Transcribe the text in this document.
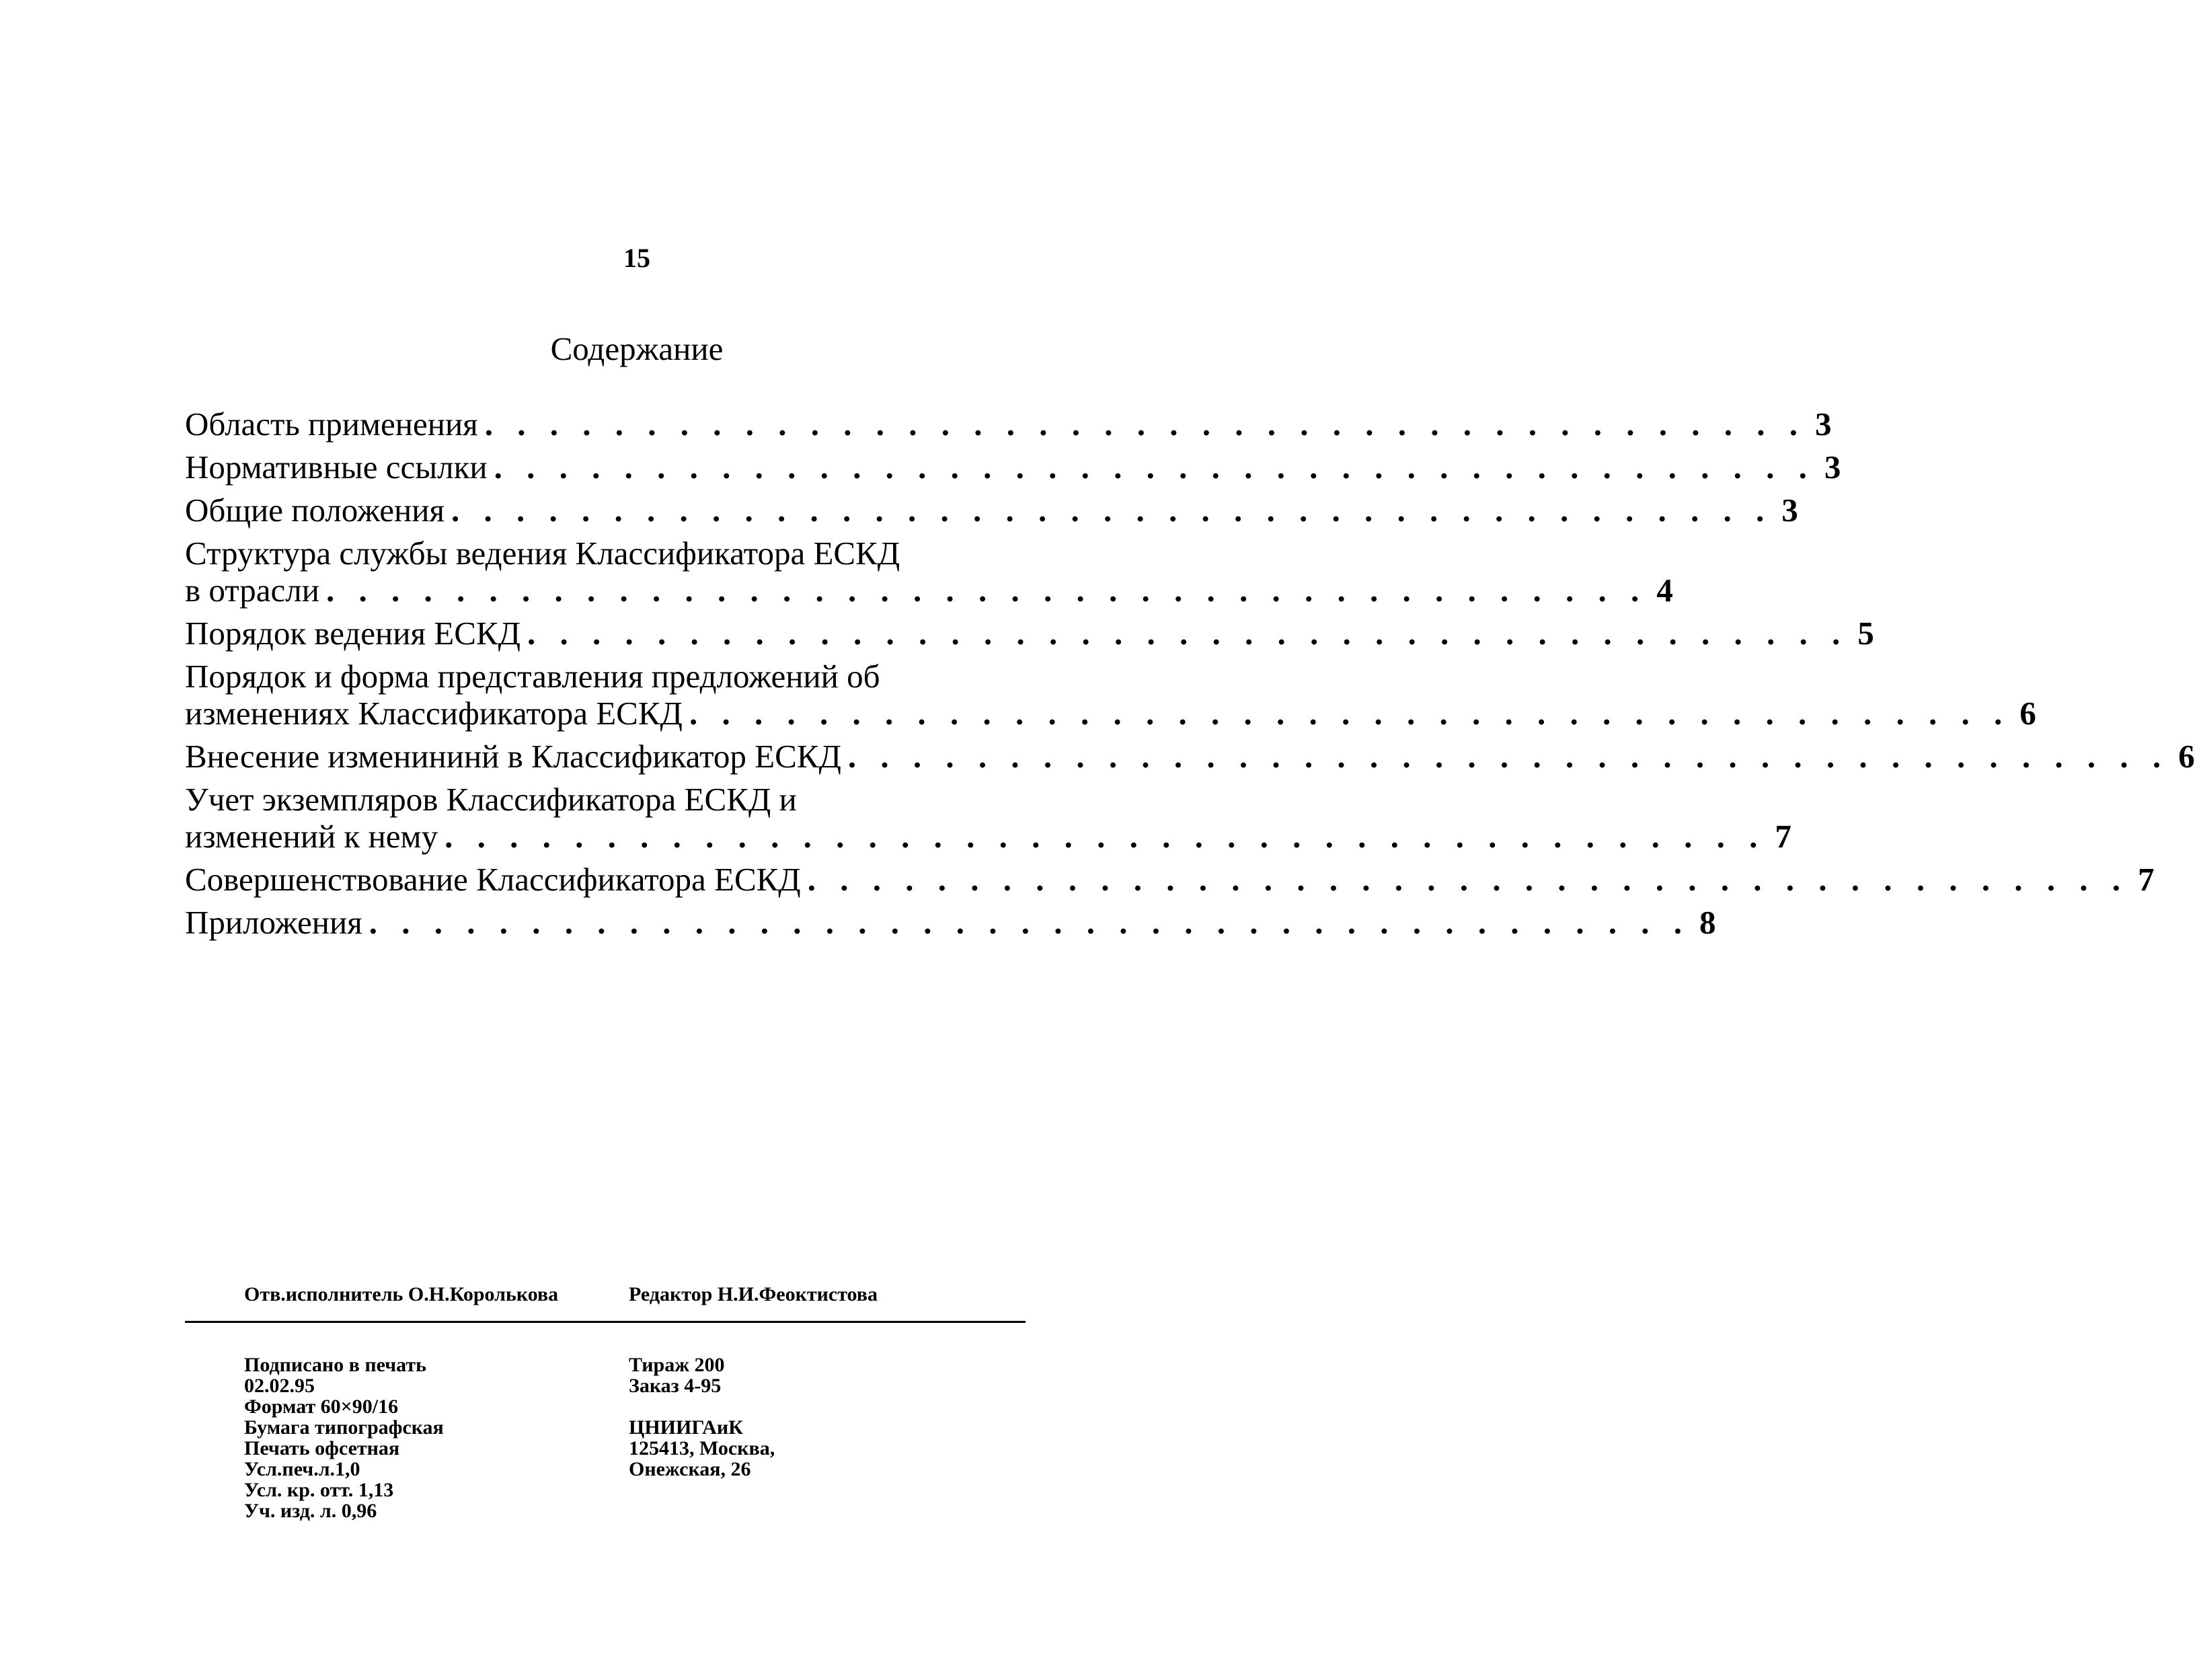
15
Содержание
Область применения . . . . . . . . . . . . . . . . . . . . . . . . . . . . . . . . . . . . . . . . . 3
Нормативные ссылки . . . . . . . . . . . . . . . . . . . . . . . . . . . . . . . . . . . . . . . . . 3
Общие положения . . . . . . . . . . . . . . . . . . . . . . . . . . . . . . . . . . . . . . . . . 3
Структура службы ведения Классификатора ЕСКД
в отрасли . . . . . . . . . . . . . . . . . . . . . . . . . . . . . . . . . . . . . . . . . 4
Порядок ведения ЕСКД . . . . . . . . . . . . . . . . . . . . . . . . . . . . . . . . . . . . . . . . . 5
Порядок и форма представления предложений об
изменениях Классификатора ЕСКД . . . . . . . . . . . . . . . . . . . . . . . . . . . . . . . . . . . . . . . . . 6
Внесение изменининй в Классификатор ЕСКД . . . . . . . . . . . . . . . . . . . . . . . . . . . . . . . . . . . . . . . . . 6
Учет экземпляров Классификатора ЕСКД и
изменений к нему . . . . . . . . . . . . . . . . . . . . . . . . . . . . . . . . . . . . . . . . . 7
Совершенствование Классификатора ЕСКД . . . . . . . . . . . . . . . . . . . . . . . . . . . . . . . . . . . . . . . . . 7
Приложения . . . . . . . . . . . . . . . . . . . . . . . . . . . . . . . . . . . . . . . . . 8
Отв.исполнитель О.Н.Королькова	Редактор Н.И.Феоктистова
Подписано в печать
02.02.95
Формат 60×90/16
Бумага типографская
Печать офсетная
Усл.печ.л.1,0
Усл. кр. отт. 1,13
Уч. изд. л. 0,96
Тираж 200
Заказ 4-95
ЦНИИГАиК
125413, Москва,
Онежская, 26
